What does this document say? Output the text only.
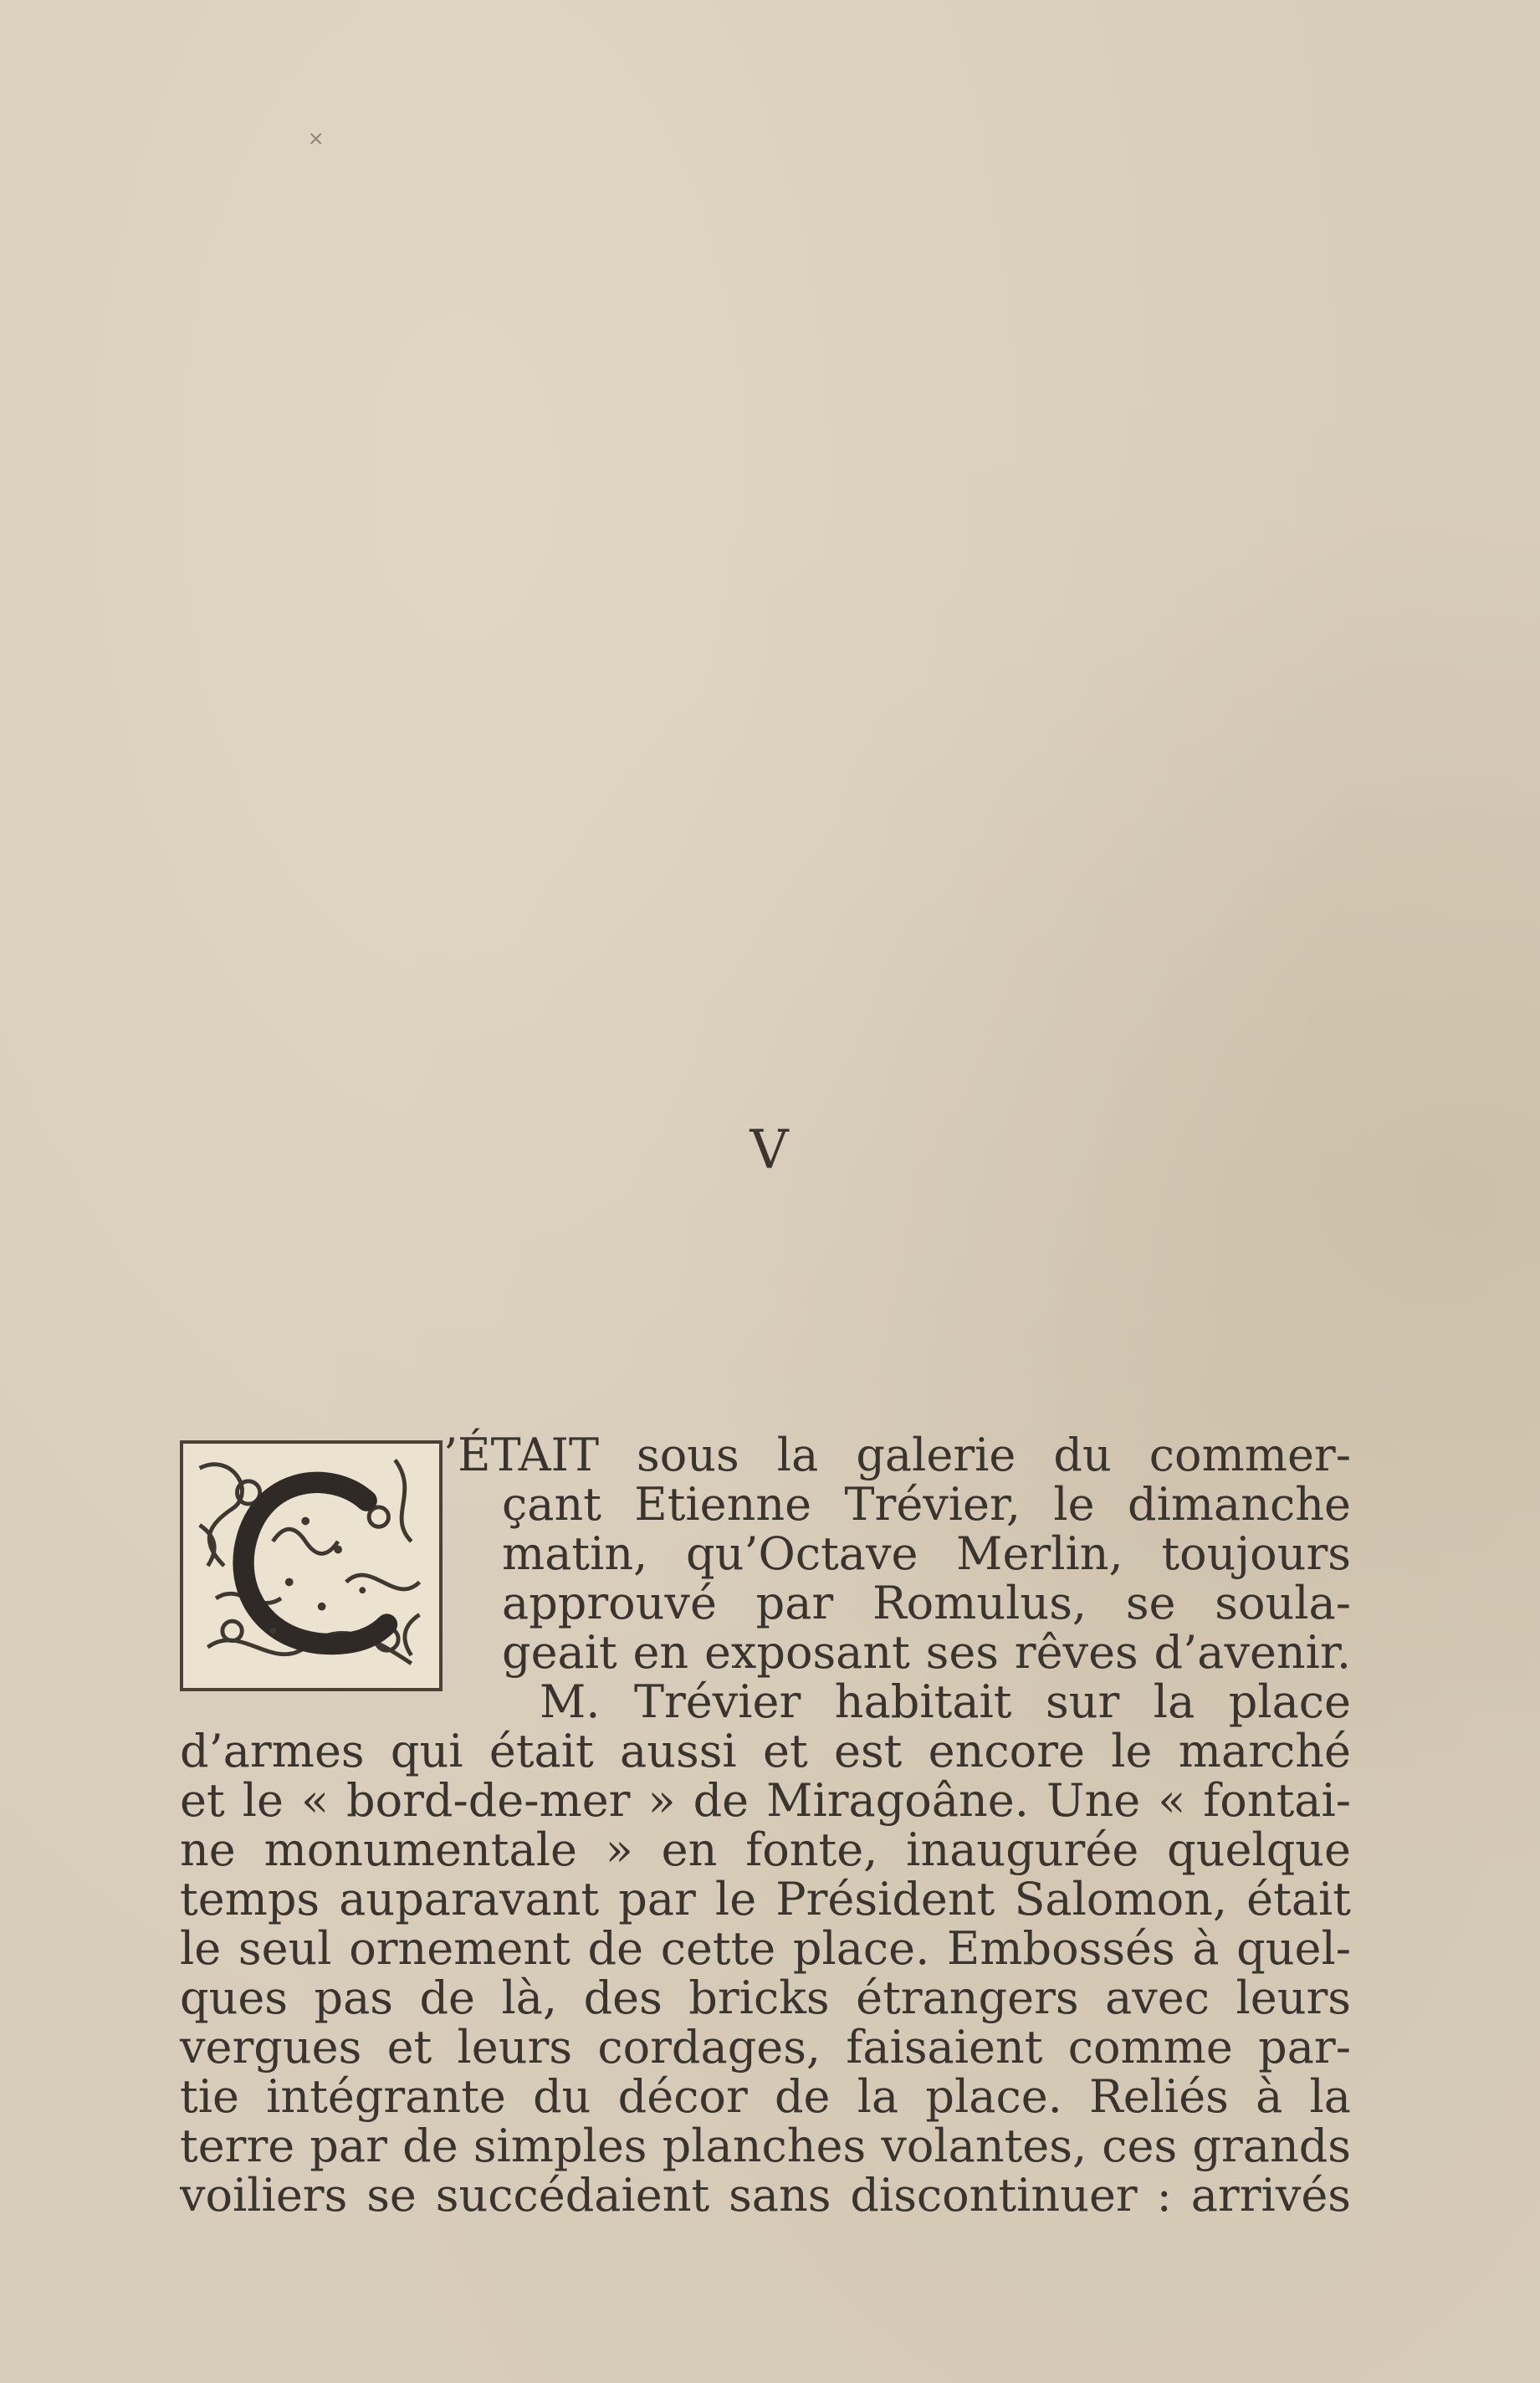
˟
V
’ÉTAIT sous la galerie du commer-
çant Etienne Trévier, le dimanche
matin, qu’Octave Merlin, toujours
approuvé par Romulus, se soula-
geait en exposant ses rêves d’avenir.
M. Trévier habitait sur la place
d’armes qui était aussi et est encore le marché
et le « bord-de-mer » de Miragoâne. Une « fontai-
ne monumentale » en fonte, inaugurée quelque
temps auparavant par le Président Salomon, était
le seul ornement de cette place. Embossés à quel-
ques pas de là, des bricks étrangers avec leurs
vergues et leurs cordages, faisaient comme par-
tie intégrante du décor de la place. Reliés à la
terre par de simples planches volantes, ces grands
voiliers se succédaient sans discontinuer : arrivés
